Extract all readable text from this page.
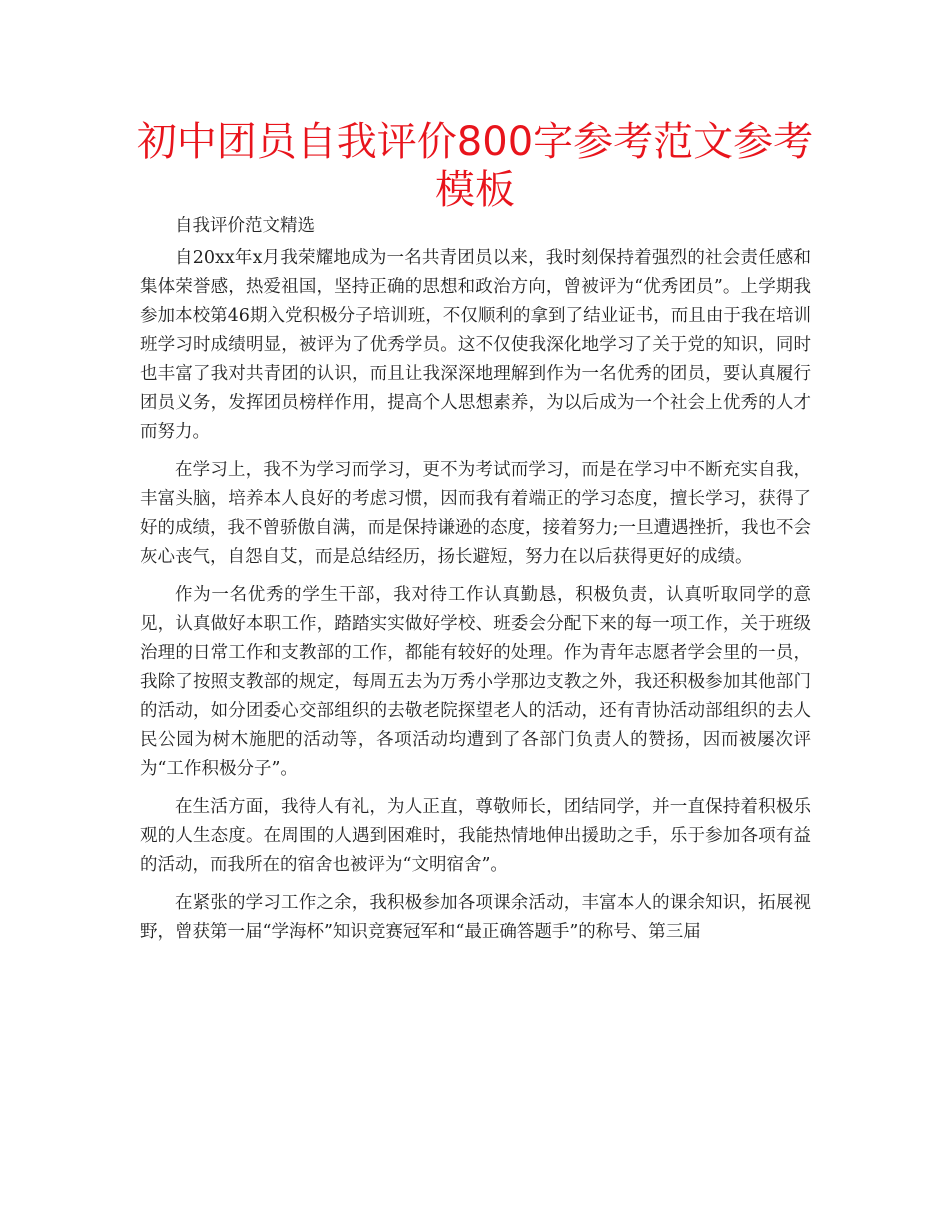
初中团员自我评价800字参考范文参考模板

自我评价范文精选

自20xx年x月我荣耀地成为一名共青团员以来，我时刻保持着强烈的社会责任感和集体荣誉感，热爱祖国，坚持正确的思想和政治方向，曾被评为“优秀团员”。上学期我参加本校第46期入党积极分子培训班，不仅顺利的拿到了结业证书，而且由于我在培训班学习时成绩明显，被评为了优秀学员。这不仅使我深化地学习了关于党的知识，同时也丰富了我对共青团的认识，而且让我深深地理解到作为一名优秀的团员，要认真履行团员义务，发挥团员榜样作用，提高个人思想素养，为以后成为一个社会上优秀的人才而努力。

在学习上，我不为学习而学习，更不为考试而学习，而是在学习中不断充实自我，丰富头脑，培养本人良好的考虑习惯，因而我有着端正的学习态度，擅长学习，获得了好的成绩，我不曾骄傲自满，而是保持谦逊的态度，接着努力;一旦遭遇挫折，我也不会灰心丧气，自怨自艾，而是总结经历，扬长避短，努力在以后获得更好的成绩。

作为一名优秀的学生干部，我对待工作认真勤恳，积极负责，认真听取同学的意见，认真做好本职工作，踏踏实实做好学校、班委会分配下来的每一项工作，关于班级治理的日常工作和支教部的工作，都能有较好的处理。作为青年志愿者学会里的一员，我除了按照支教部的规定，每周五去为万秀小学那边支教之外，我还积极参加其他部门的活动，如分团委心交部组织的去敬老院探望老人的活动，还有青协活动部组织的去人民公园为树木施肥的活动等，各项活动均遭到了各部门负责人的赞扬，因而被屡次评为“工作积极分子”。

在生活方面，我待人有礼，为人正直，尊敬师长，团结同学，并一直保持着积极乐观的人生态度。在周围的人遇到困难时，我能热情地伸出援助之手，乐于参加各项有益的活动，而我所在的宿舍也被评为“文明宿舍”。

在紧张的学习工作之余，我积极参加各项课余活动，丰富本人的课余知识，拓展视野，曾获第一届“学海杯”知识竞赛冠军和“最正确答题手”的称号、第三届
